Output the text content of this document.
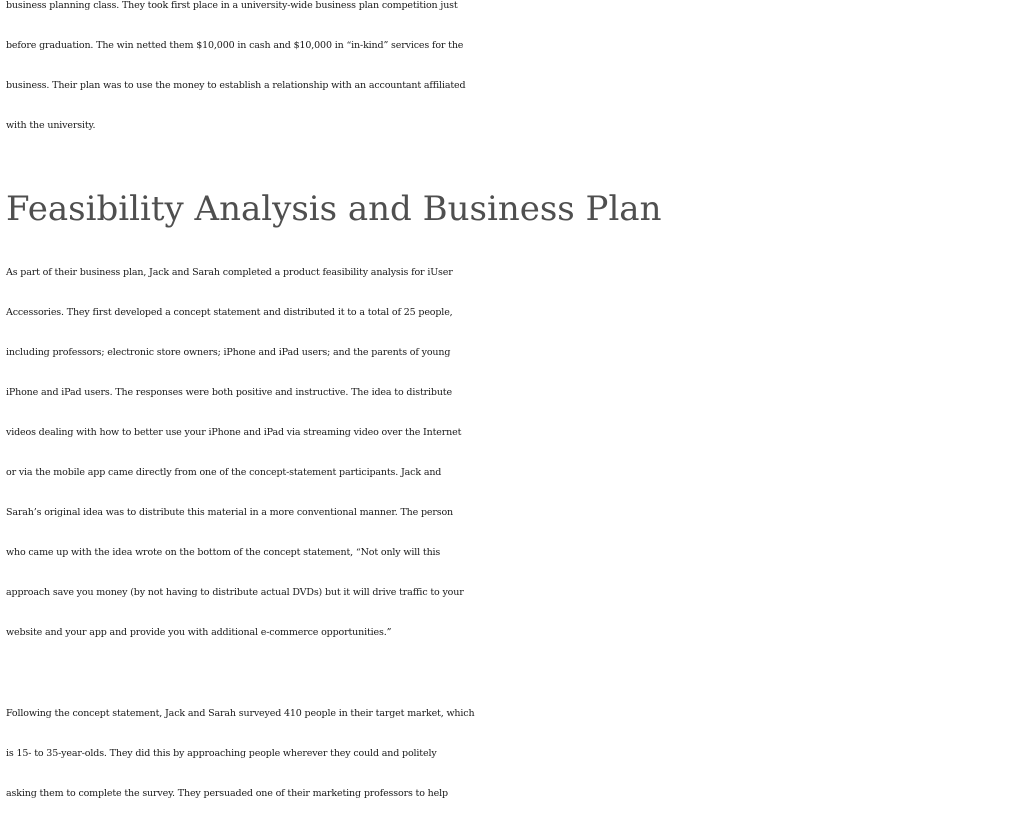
business planning class. They took first place in a university-wide business plan competition just
before graduation. The win netted them $10,000 in cash and $10,000 in “in-kind” services for the
business. Their plan was to use the money to establish a relationship with an accountant affiliated
with the university.

Feasibility Analysis and Business Plan

As part of their business plan, Jack and Sarah completed a product feasibility analysis for iUser
Accessories. They first developed a concept statement and distributed it to a total of 25 people,
including professors; electronic store owners; iPhone and iPad users; and the parents of young
iPhone and iPad users. The responses were both positive and instructive. The idea to distribute
videos dealing with how to better use your iPhone and iPad via streaming video over the Internet
or via the mobile app came directly from one of the concept-statement participants. Jack and
Sarah’s original idea was to distribute this material in a more conventional manner. The person
who came up with the idea wrote on the bottom of the concept statement, “Not only will this
approach save you money (by not having to distribute actual DVDs) but it will drive traffic to your
website and your app and provide you with additional e-commerce opportunities.”

Following the concept statement, Jack and Sarah surveyed 410 people in their target market, which
is 15- to 35-year-olds. They did this by approaching people wherever they could and politely
asking them to complete the survey. They persuaded one of their marketing professors to help
